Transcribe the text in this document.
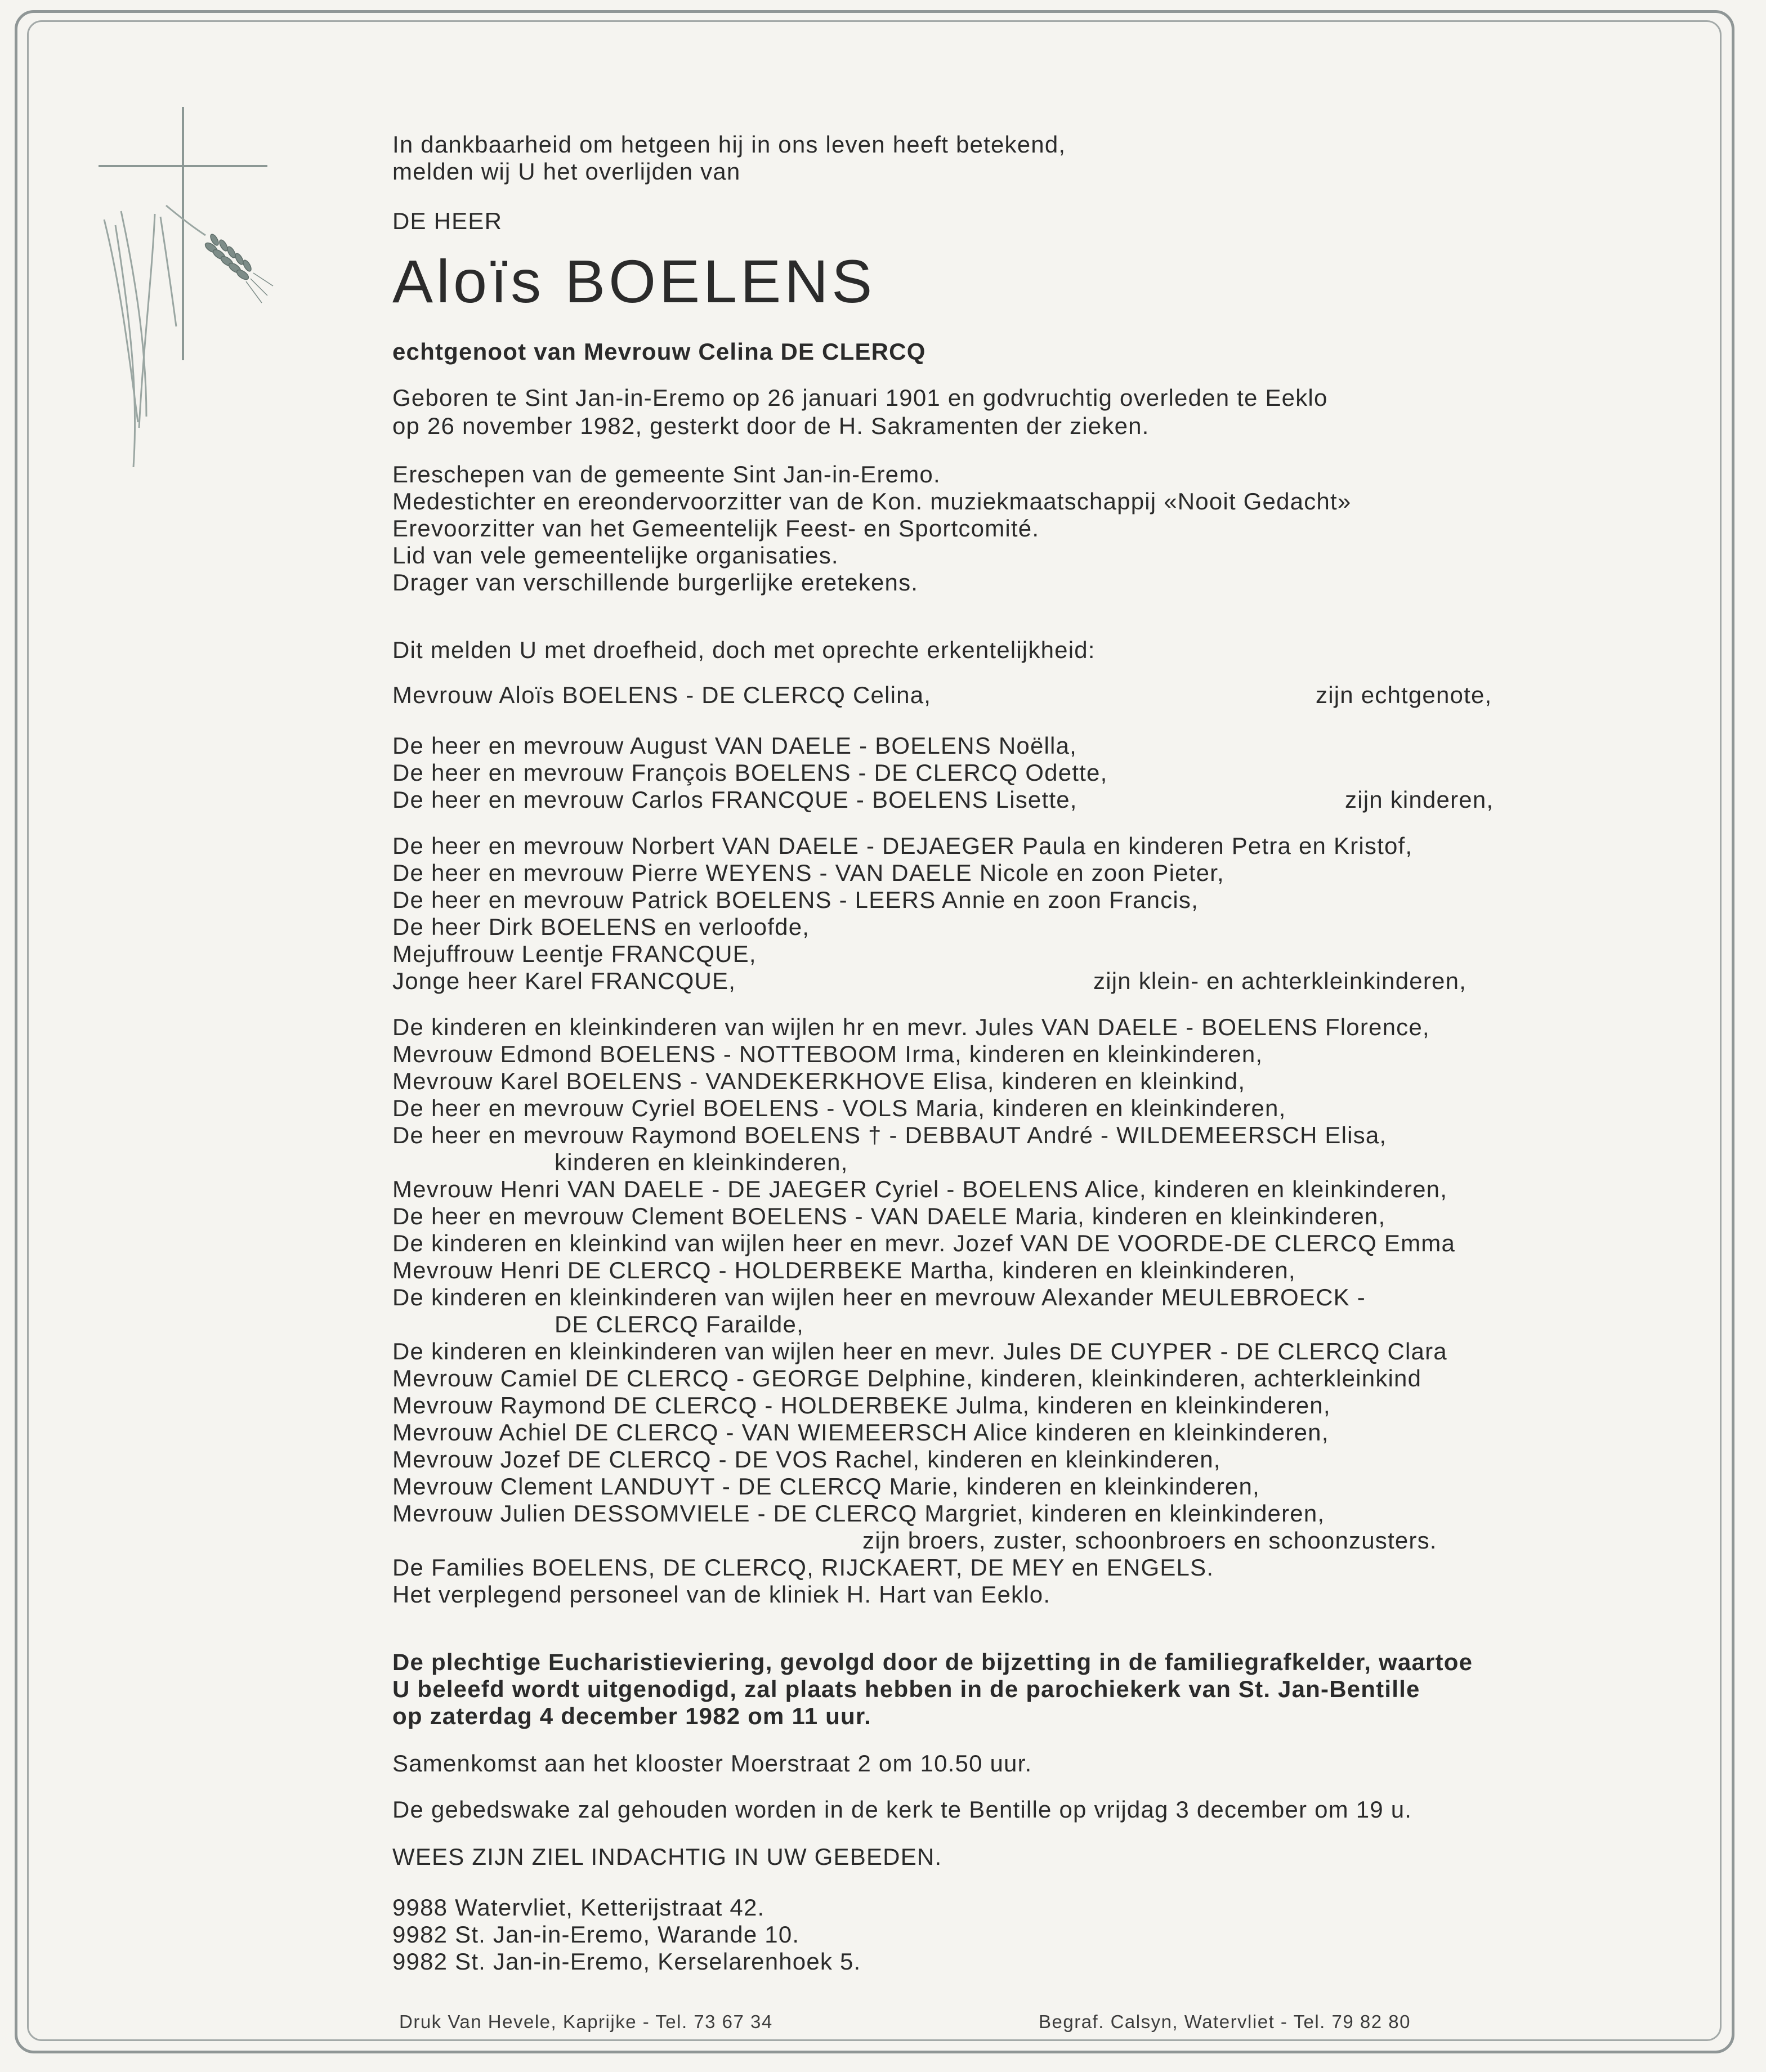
In dankbaarheid om hetgeen hij in ons leven heeft betekend,
melden wij U het overlijden van
DE HEER
Aloïs BOELENS
echtgenoot van Mevrouw Celina DE CLERCQ
Geboren te Sint Jan-in-Eremo op 26 januari 1901 en godvruchtig overleden te Eeklo
op 26 november 1982, gesterkt door de H. Sakramenten der zieken.
Ereschepen van de gemeente Sint Jan-in-Eremo.
Medestichter en ereondervoorzitter van de Kon. muziekmaatschappij «Nooit Gedacht»
Erevoorzitter van het Gemeentelijk Feest- en Sportcomité.
Lid van vele gemeentelijke organisaties.
Drager van verschillende burgerlijke eretekens.
Dit melden U met droefheid, doch met oprechte erkentelijkheid:
Mevrouw Aloïs BOELENS - DE CLERCQ Celina,	zijn echtgenote,
De heer en mevrouw August VAN DAELE - BOELENS Noëlla,
De heer en mevrouw François BOELENS - DE CLERCQ Odette,
De heer en mevrouw Carlos FRANCQUE - BOELENS Lisette,	zijn kinderen,
De heer en mevrouw Norbert VAN DAELE - DEJAEGER Paula en kinderen Petra en Kristof,
De heer en mevrouw Pierre WEYENS - VAN DAELE Nicole en zoon Pieter,
De heer en mevrouw Patrick BOELENS - LEERS Annie en zoon Francis,
De heer Dirk BOELENS en verloofde,
Mejuffrouw Leentje FRANCQUE,
Jonge heer Karel FRANCQUE,	zijn klein- en achterkleinkinderen,
De kinderen en kleinkinderen van wijlen hr en mevr. Jules VAN DAELE - BOELENS Florence,
Mevrouw Edmond BOELENS - NOTTEBOOM Irma, kinderen en kleinkinderen,
Mevrouw Karel BOELENS - VANDEKERKHOVE Elisa, kinderen en kleinkind,
De heer en mevrouw Cyriel BOELENS - VOLS Maria, kinderen en kleinkinderen,
De heer en mevrouw Raymond BOELENS † - DEBBAUT André - WILDEMEERSCH Elisa,
kinderen en kleinkinderen,
Mevrouw Henri VAN DAELE - DE JAEGER Cyriel - BOELENS Alice, kinderen en kleinkinderen,
De heer en mevrouw Clement BOELENS - VAN DAELE Maria, kinderen en kleinkinderen,
De kinderen en kleinkind van wijlen heer en mevr. Jozef VAN DE VOORDE-DE CLERCQ Emma
Mevrouw Henri DE CLERCQ - HOLDERBEKE Martha, kinderen en kleinkinderen,
De kinderen en kleinkinderen van wijlen heer en mevrouw Alexander MEULEBROECK -
DE CLERCQ Farailde,
De kinderen en kleinkinderen van wijlen heer en mevr. Jules DE CUYPER - DE CLERCQ Clara
Mevrouw Camiel DE CLERCQ - GEORGE Delphine, kinderen, kleinkinderen, achterkleinkind
Mevrouw Raymond DE CLERCQ - HOLDERBEKE Julma, kinderen en kleinkinderen,
Mevrouw Achiel DE CLERCQ - VAN WIEMEERSCH Alice kinderen en kleinkinderen,
Mevrouw Jozef DE CLERCQ - DE VOS Rachel, kinderen en kleinkinderen,
Mevrouw Clement LANDUYT - DE CLERCQ Marie, kinderen en kleinkinderen,
Mevrouw Julien DESSOMVIELE - DE CLERCQ Margriet, kinderen en kleinkinderen,
zijn broers, zuster, schoonbroers en schoonzusters.
De Families BOELENS, DE CLERCQ, RIJCKAERT, DE MEY en ENGELS.
Het verplegend personeel van de kliniek H. Hart van Eeklo.
De plechtige Eucharistieviering, gevolgd door de bijzetting in de familiegrafkelder, waartoe
U beleefd wordt uitgenodigd, zal plaats hebben in de parochiekerk van St. Jan-Bentille
op zaterdag 4 december 1982 om 11 uur.
Samenkomst aan het klooster Moerstraat 2 om 10.50 uur.
De gebedswake zal gehouden worden in de kerk te Bentille op vrijdag 3 december om 19 u.
WEES ZIJN ZIEL INDACHTIG IN UW GEBEDEN.
9988 Watervliet, Ketterijstraat 42.
9982 St. Jan-in-Eremo, Warande 10.
9982 St. Jan-in-Eremo, Kerselarenhoek 5.
Druk Van Hevele, Kaprijke - Tel. 73 67 34	Begraf. Calsyn, Watervliet - Tel. 79 82 80
